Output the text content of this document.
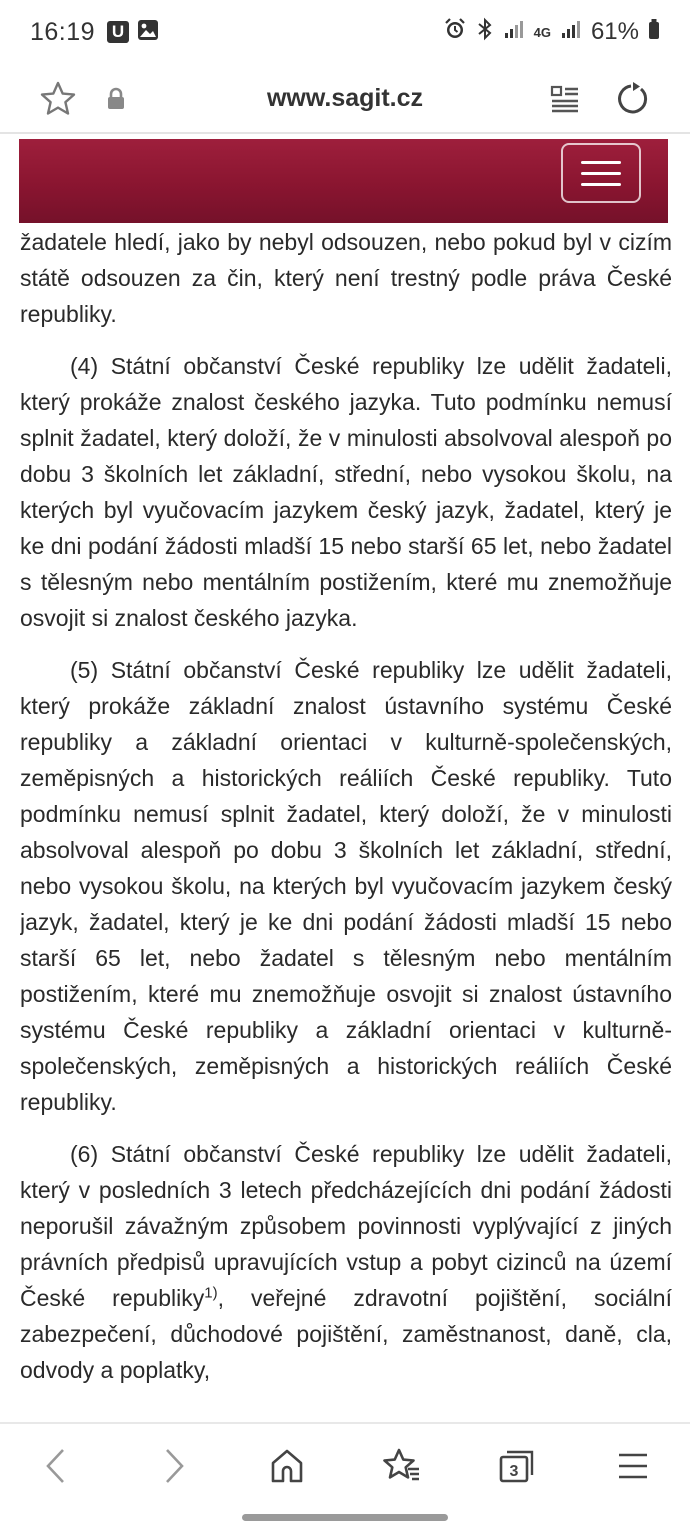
16:19 U	4G 61%
www.sagit.cz

žadatele hledí, jako by nebyl odsouzen, nebo pokud byl v cizím státě odsouzen za čin, který není trestný podle práva České republiky.

(4) Státní občanství České republiky lze udělit žadateli, který prokáže znalost českého jazyka. Tuto podmínku nemusí splnit žadatel, který doloží, že v minulosti absolvoval alespoň po dobu 3 školních let základní, střední, nebo vysokou školu, na kterých byl vyučovacím jazykem český jazyk, žadatel, který je ke dni podání žádosti mladší 15 nebo starší 65 let, nebo žadatel s tělesným nebo mentálním postižením, které mu znemožňuje osvojit si znalost českého jazyka.

(5) Státní občanství České republiky lze udělit žadateli, který prokáže základní znalost ústavního systému České republiky a základní orientaci v kulturně-společenských, zeměpisných a historických reáliích České republiky. Tuto podmínku nemusí splnit žadatel, který doloží, že v minulosti absolvoval alespoň po dobu 3 školních let základní, střední, nebo vysokou školu, na kterých byl vyučovacím jazykem český jazyk, žadatel, který je ke dni podání žádosti mladší 15 nebo starší 65 let, nebo žadatel s tělesným nebo mentálním postižením, které mu znemožňuje osvojit si znalost ústavního systému České republiky a základní orientaci v kulturně-společenských, zeměpisných a historických reáliích České republiky.

(6) Státní občanství České republiky lze udělit žadateli, který v posledních 3 letech předcházejících dni podání žádosti neporušil závažným způsobem povinnosti vyplývající z jiných právních předpisů upravujících vstup a pobyt cizinců na území České republiky$^{1)}$, veřejné zdravotní pojištění, sociální zabezpečení, důchodové pojištění, zaměstnanost, daně, cla, odvody a poplatky,

3
